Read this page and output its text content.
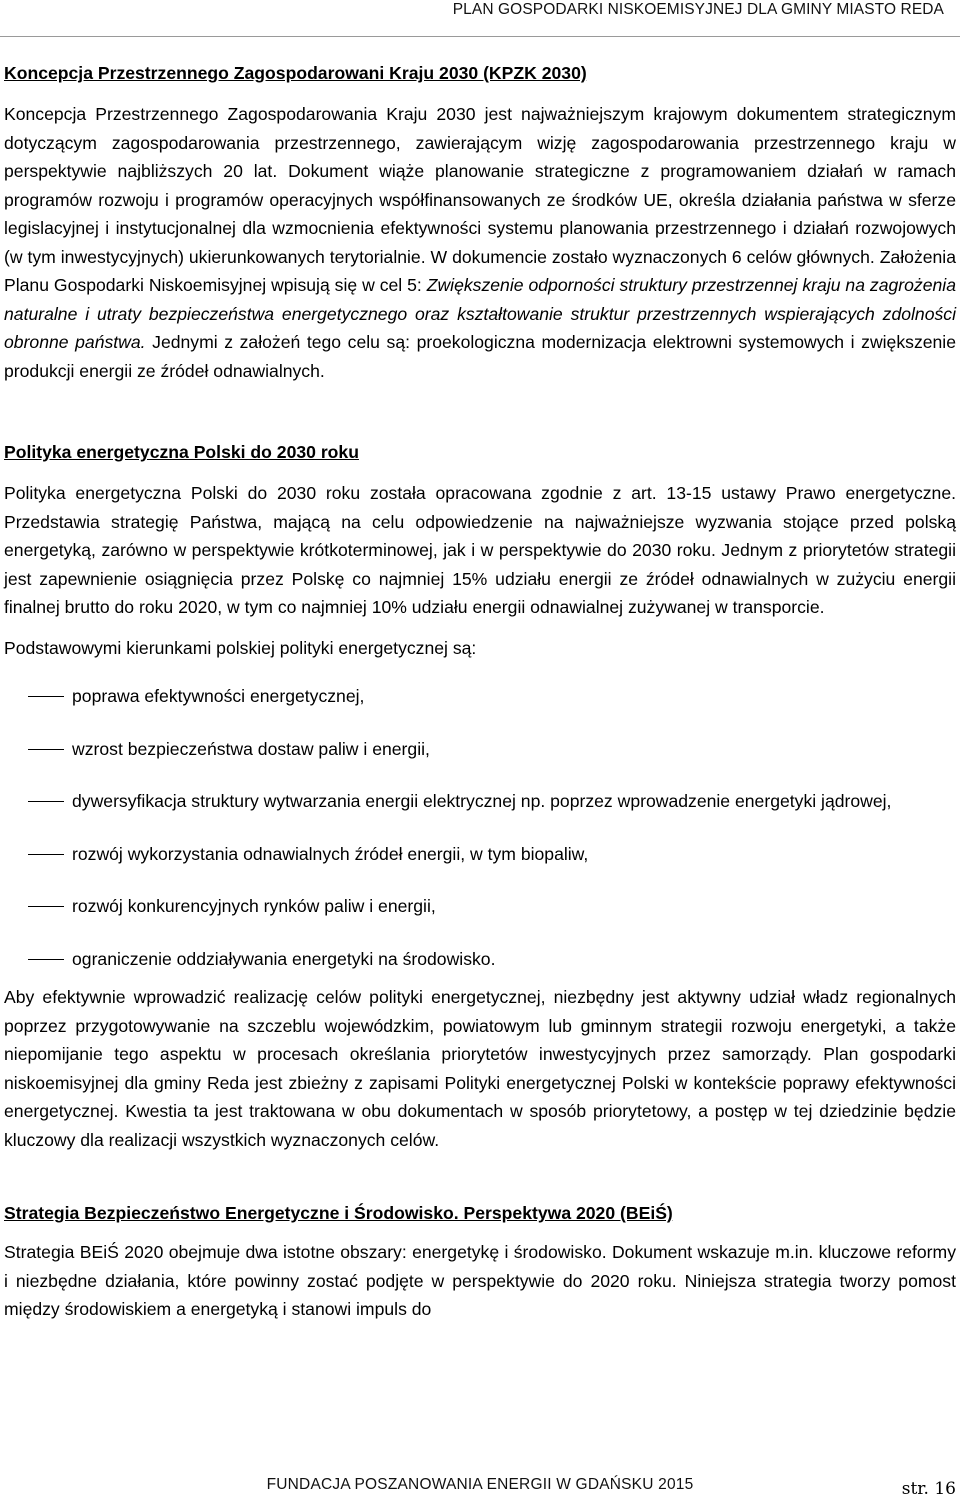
PLAN GOSPODARKI NISKOEMISYJNEJ DLA GMINY MIASTO REDA
Koncepcja Przestrzennego Zagospodarowani Kraju 2030 (KPZK 2030)

Koncepcja Przestrzennego Zagospodarowania Kraju 2030 jest najważniejszym krajowym dokumentem strategicznym dotyczącym zagospodarowania przestrzennego, zawierającym wizję zagospodarowania przestrzennego kraju w perspektywie najbliższych 20 lat. Dokument wiąże planowanie strategiczne z programowaniem działań w ramach programów rozwoju i programów operacyjnych współfinansowanych ze środków UE, określa działania państwa w sferze legislacyjnej i instytucjonalnej dla wzmocnienia efektywności systemu planowania przestrzennego i działań rozwojowych (w tym inwestycyjnych) ukierunkowanych terytorialnie. W dokumencie zostało wyznaczonych 6 celów głównych. Założenia Planu Gospodarki Niskoemisyjnej wpisują się w cel 5: Zwiększenie odporności struktury przestrzennej kraju na zagrożenia naturalne i utraty bezpieczeństwa energetycznego oraz kształtowanie struktur przestrzennych wspierających zdolności obronne państwa. Jednymi z założeń tego celu są: proekologiczna modernizacja elektrowni systemowych i zwiększenie produkcji energii ze źródeł odnawialnych.

Polityka energetyczna Polski do 2030 roku

Polityka energetyczna Polski do 2030 roku została opracowana zgodnie z art. 13-15 ustawy Prawo energetyczne. Przedstawia strategię Państwa, mającą na celu odpowiedzenie na najważniejsze wyzwania stojące przed polską energetyką, zarówno w perspektywie krótkoterminowej, jak i w perspektywie do 2030 roku. Jednym z priorytetów strategii jest zapewnienie osiągnięcia przez Polskę co najmniej 15% udziału energii ze źródeł odnawialnych w zużyciu energii finalnej brutto do roku 2020, w tym co najmniej 10% udziału energii odnawialnej zużywanej w transporcie.

Podstawowymi kierunkami polskiej polityki energetycznej są:

poprawa efektywności energetycznej,
wzrost bezpieczeństwa dostaw paliw i energii,
dywersyfikacja struktury wytwarzania energii elektrycznej np. poprzez wprowadzenie energetyki jądrowej,
rozwój wykorzystania odnawialnych źródeł energii, w tym biopaliw,
rozwój konkurencyjnych rynków paliw i energii,
ograniczenie oddziaływania energetyki na środowisko.

Aby efektywnie wprowadzić realizację celów polityki energetycznej, niezbędny jest aktywny udział władz regionalnych poprzez przygotowywanie na szczeblu wojewódzkim, powiatowym lub gminnym strategii rozwoju energetyki, a także niepomijanie tego aspektu w procesach określania priorytetów inwestycyjnych przez samorządy. Plan gospodarki niskoemisyjnej dla gminy Reda jest zbieżny z zapisami Polityki energetycznej Polski w kontekście poprawy efektywności energetycznej. Kwestia ta jest traktowana w obu dokumentach w sposób priorytetowy, a postęp w tej dziedzinie będzie kluczowy dla realizacji wszystkich wyznaczonych celów.

Strategia Bezpieczeństwo Energetyczne i Środowisko. Perspektywa 2020 (BEiŚ)

Strategia BEiŚ 2020 obejmuje dwa istotne obszary: energetykę i środowisko. Dokument wskazuje m.in. kluczowe reformy i niezbędne działania, które powinny zostać podjęte w perspektywie do 2020 roku. Niniejsza strategia tworzy pomost między środowiskiem a energetyką i stanowi impuls do

FUNDACJA POSZANOWANIA ENERGII W GDAŃSKU 2015	str. 16
